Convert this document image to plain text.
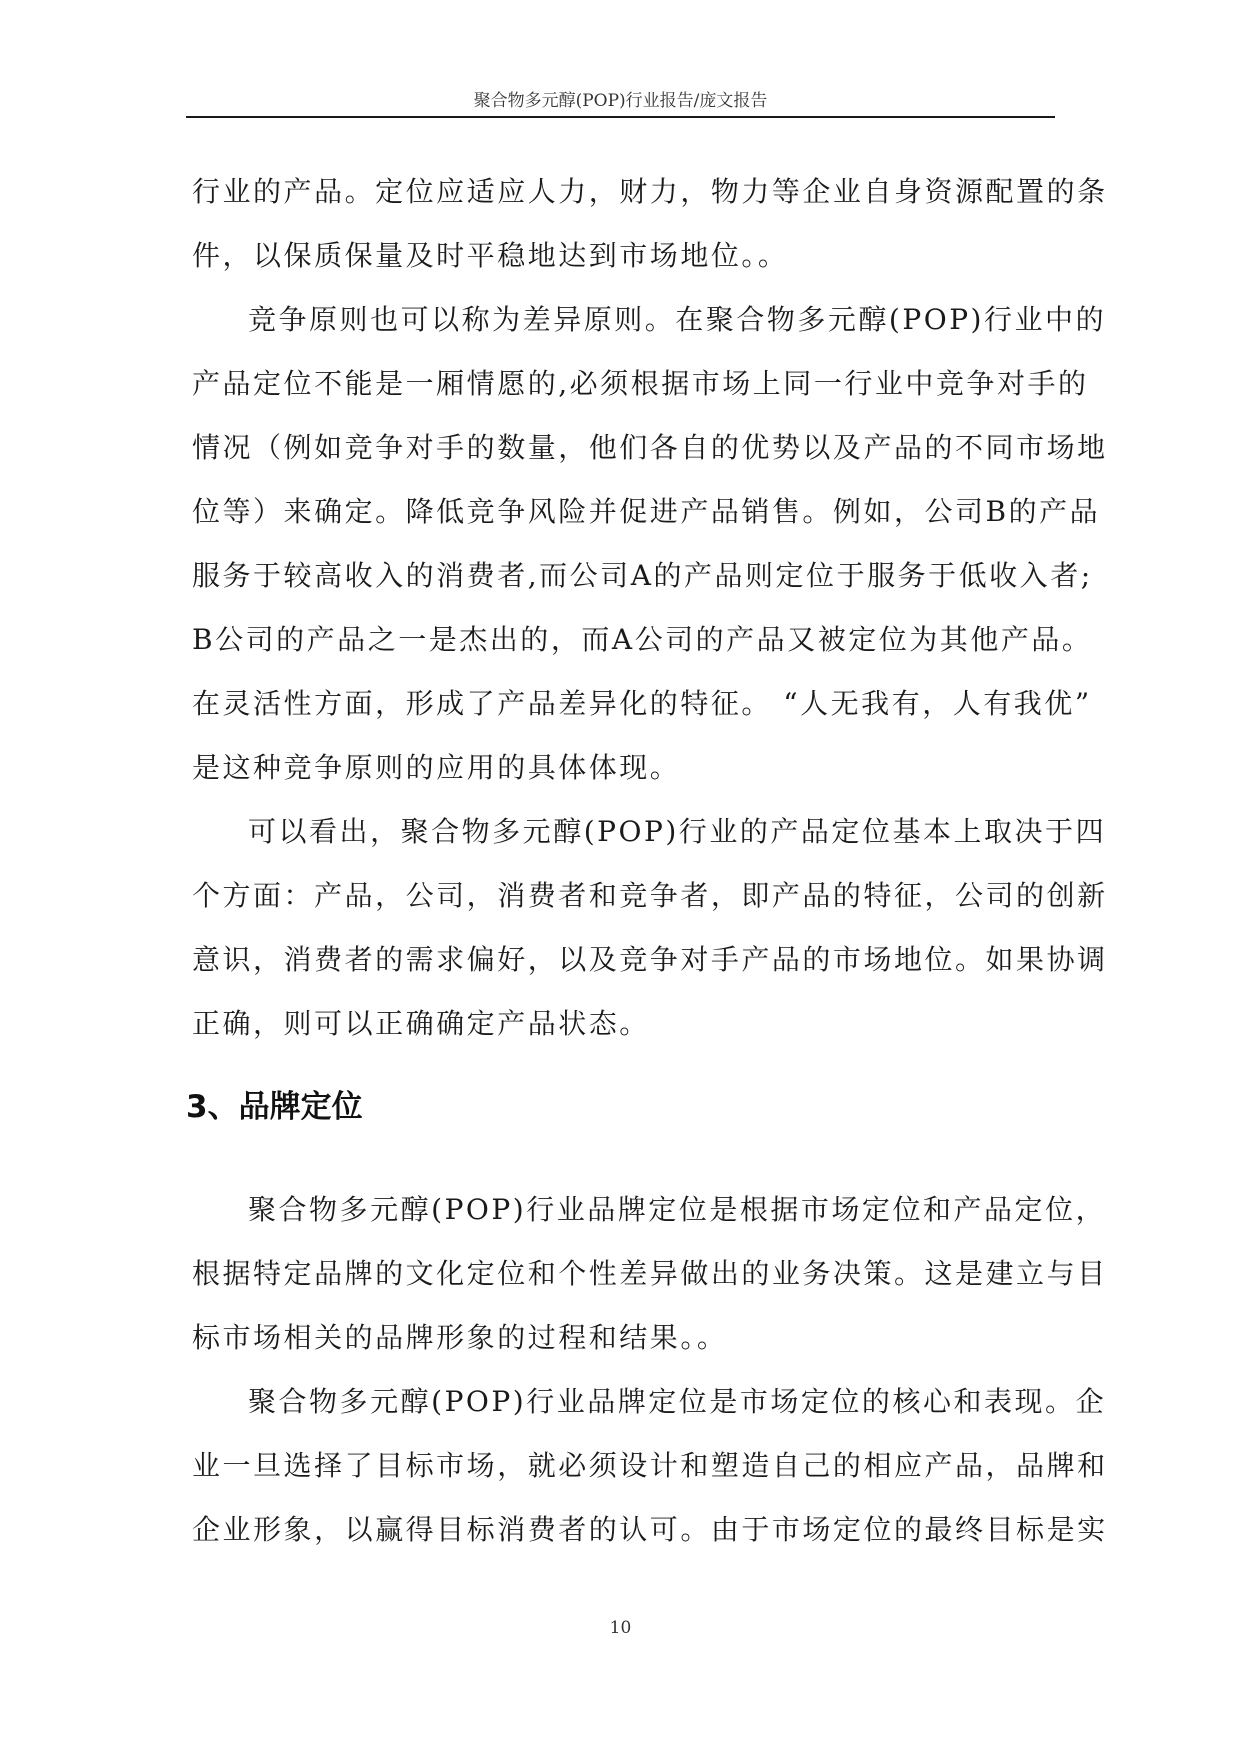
聚合物多元醇(POP)行业报告/庞文报告
行业的产品。定位应适应人力，财力，物力等企业自身资源配置的条
件，以保质保量及时平稳地达到市场地位。。
竞争原则也可以称为差异原则。在聚合物多元醇(POP)行业中的
产品定位不能是一厢情愿的,必须根据市场上同一行业中竞争对手的
情况（例如竞争对手的数量，他们各自的优势以及产品的不同市场地
位等）来确定。降低竞争风险并促进产品销售。例如，公司B的产品
服务于较高收入的消费者,而公司A的产品则定位于服务于低收入者;
B公司的产品之一是杰出的，而A公司的产品又被定位为其他产品。
在灵活性方面，形成了产品差异化的特征。 “人无我有，人有我优”
是这种竞争原则的应用的具体体现。
可以看出，聚合物多元醇(POP)行业的产品定位基本上取决于四
个方面：产品，公司，消费者和竞争者，即产品的特征，公司的创新
意识，消费者的需求偏好，以及竞争对手产品的市场地位。如果协调
正确，则可以正确确定产品状态。
3、品牌定位
聚合物多元醇(POP)行业品牌定位是根据市场定位和产品定位，
根据特定品牌的文化定位和个性差异做出的业务决策。这是建立与目
标市场相关的品牌形象的过程和结果。。
聚合物多元醇(POP)行业品牌定位是市场定位的核心和表现。企
业一旦选择了目标市场，就必须设计和塑造自己的相应产品，品牌和
企业形象，以赢得目标消费者的认可。由于市场定位的最终目标是实
10
